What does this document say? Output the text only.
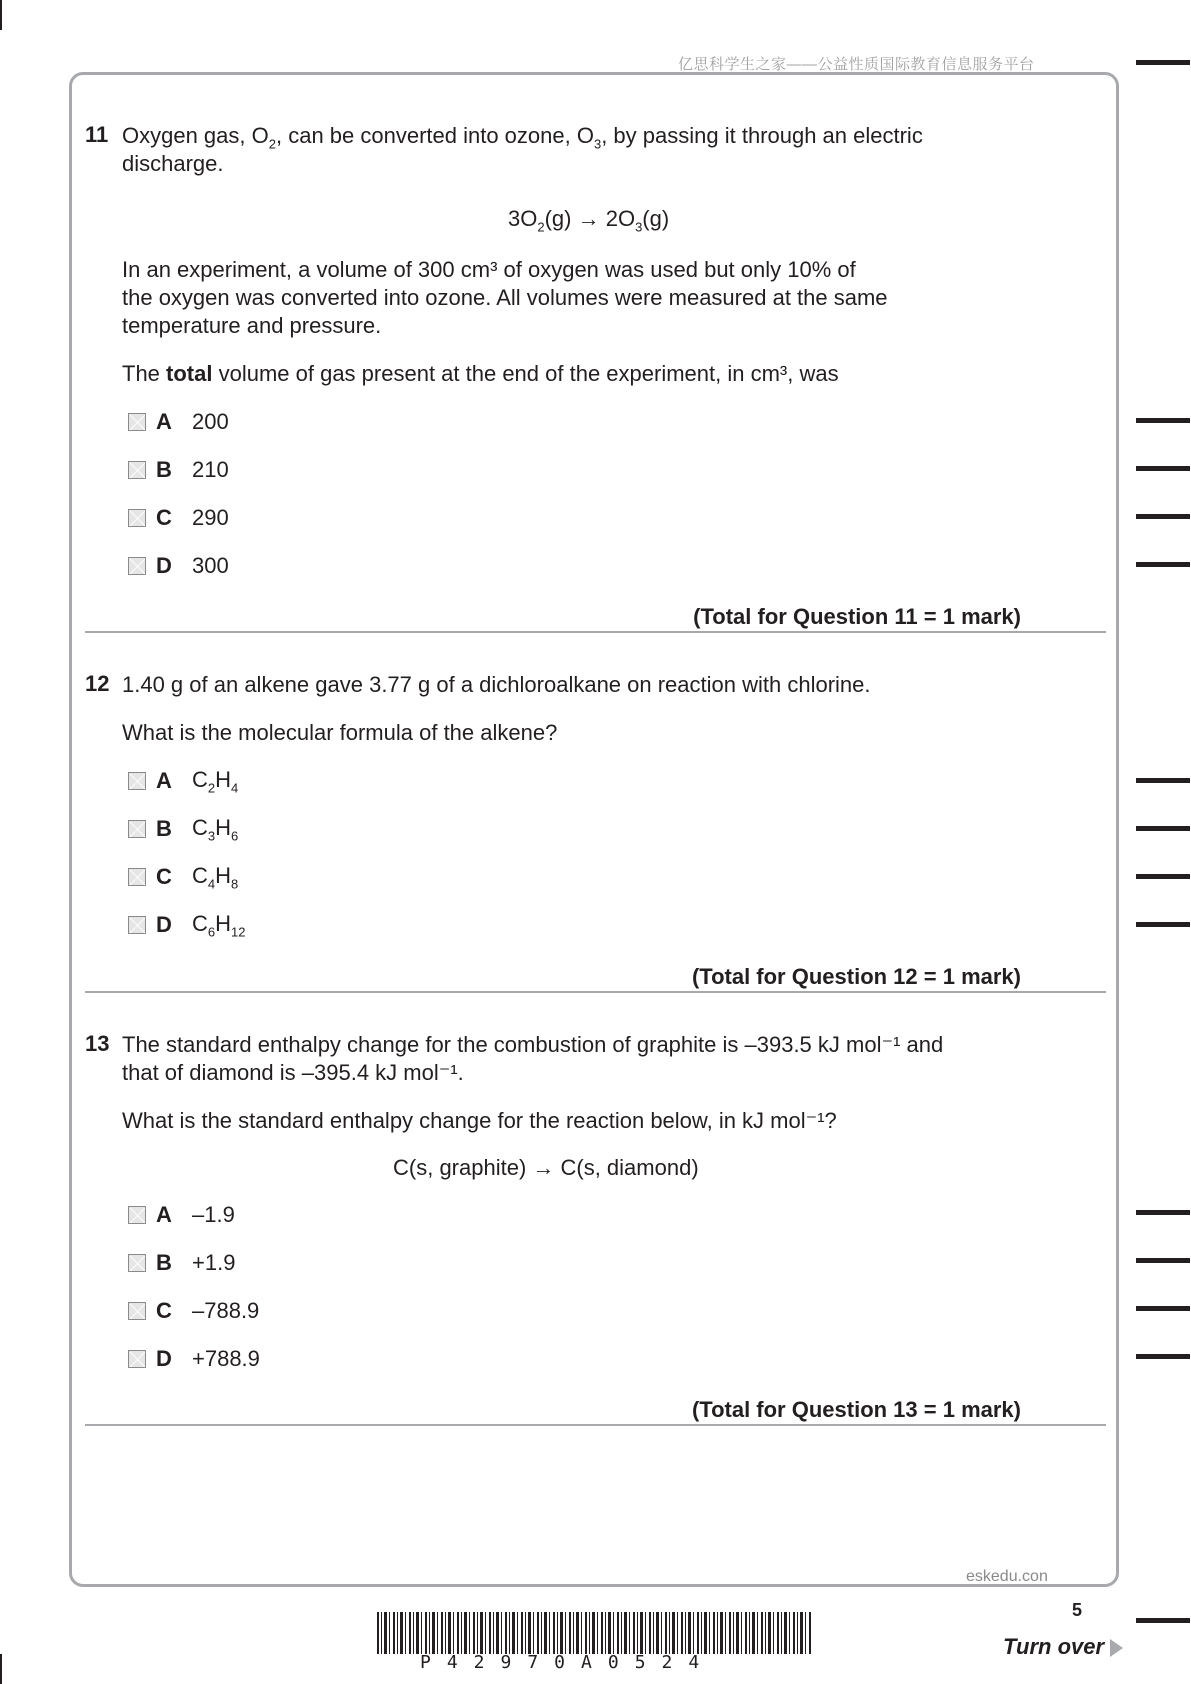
亿思科学生之家——公益性质国际教育信息服务平台
11 Oxygen gas, $O_2$, can be converted into ozone, $O_3$, by passing it through an electric
discharge.
$3O_2(g) \to 2O_3(g)$
In an experiment, a volume of 300 cm³ of oxygen was used but only 10% of
the oxygen was converted into ozone. All volumes were measured at the same
temperature and pressure.
The total volume of gas present at the end of the experiment, in cm³, was
A 200
B 210
C 290
D 300
(Total for Question 11 = 1 mark)
12 1.40 g of an alkene gave 3.77 g of a dichloroalkane on reaction with chlorine.
What is the molecular formula of the alkene?
A $C_2H_4$
B $C_3H_6$
C $C_4H_8$
D $C_6H_{12}$
(Total for Question 12 = 1 mark)
13 The standard enthalpy change for the combustion of graphite is –393.5 kJ mol⁻¹ and
that of diamond is –395.4 kJ mol⁻¹.
What is the standard enthalpy change for the reaction below, in kJ mol⁻¹?
C(s, graphite) → C(s, diamond)
A –1.9
B +1.9
C –788.9
D +788.9
(Total for Question 13 = 1 mark)
eskedu.con
5
P42970A0524
Turn over
